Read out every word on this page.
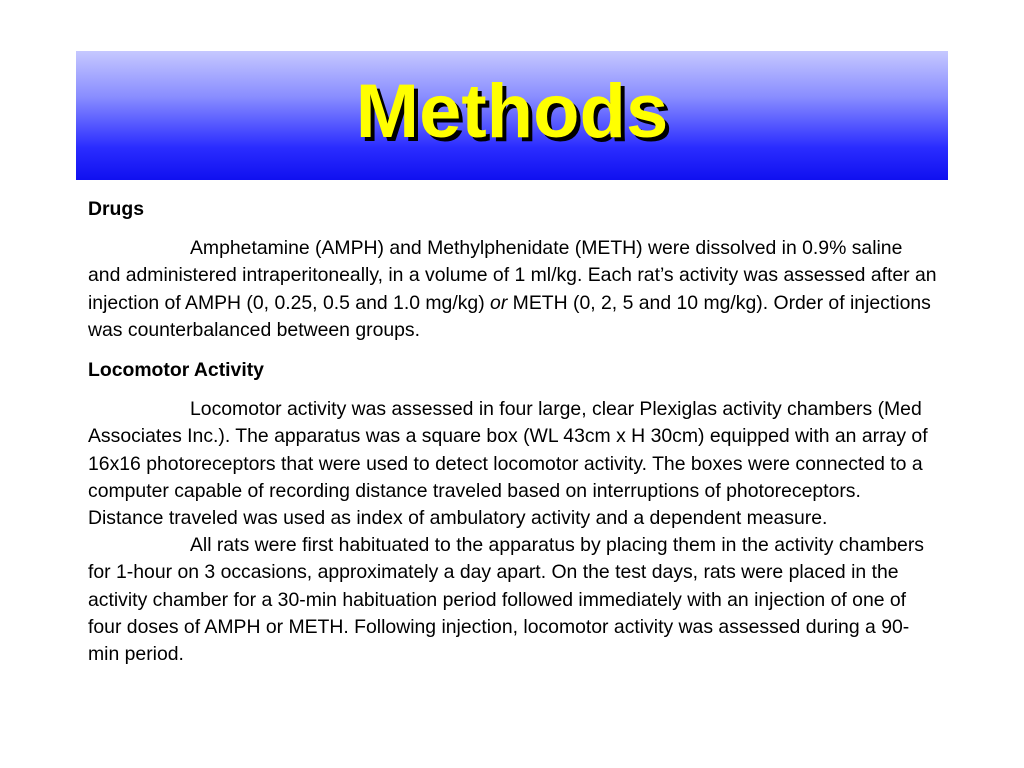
Methods
Drugs
Amphetamine (AMPH) and Methylphenidate (METH) were dissolved in 0.9% saline and administered intraperitoneally, in a volume of 1 ml/kg. Each rat’s activity was assessed after an injection of AMPH (0, 0.25, 0.5 and 1.0 mg/kg) or METH (0, 2, 5 and 10 mg/kg). Order of injections was counterbalanced between groups.
Locomotor Activity
Locomotor activity was assessed in four large, clear Plexiglas activity chambers (Med Associates Inc.). The apparatus was a square box (WL 43cm x H 30cm) equipped with an array of 16x16 photoreceptors that were used to detect locomotor activity. The boxes were connected to a computer capable of recording distance traveled based on interruptions of photoreceptors. Distance traveled was used as index of ambulatory activity and a dependent measure.
All rats were first habituated to the apparatus by placing them in the activity chambers for 1-hour on 3 occasions, approximately a day apart. On the test days, rats were placed in the activity chamber for a 30-min habituation period followed immediately with an injection of one of four doses of AMPH or METH. Following injection, locomotor activity was assessed during a 90-min period.
